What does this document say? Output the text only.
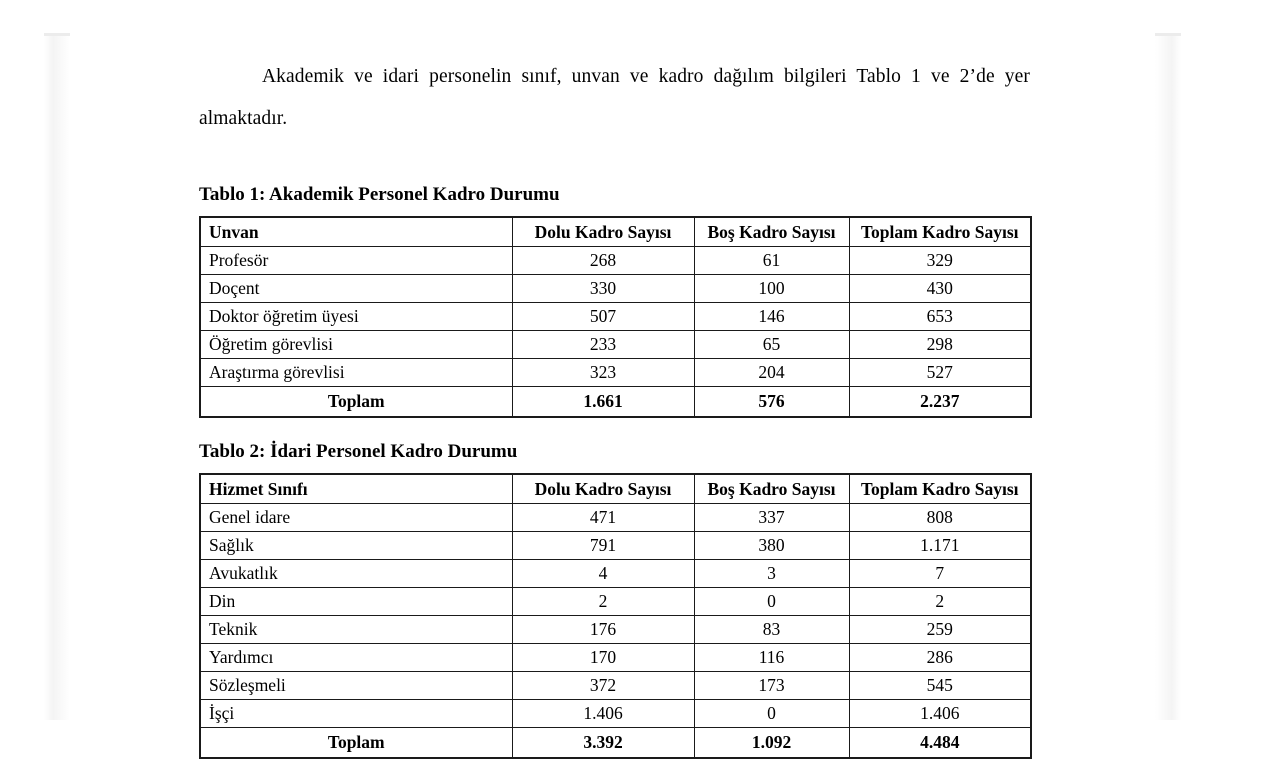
Akademik ve idari personelin sınıf, unvan ve kadro dağılım bilgileri Tablo 1 ve 2’de yer almaktadır.

Tablo 1: Akademik Personel Kadro Durumu
Unvan	Dolu Kadro Sayısı	Boş Kadro Sayısı	Toplam Kadro Sayısı
Profesör	268	61	329
Doçent	330	100	430
Doktor öğretim üyesi	507	146	653
Öğretim görevlisi	233	65	298
Araştırma görevlisi	323	204	527
Toplam	1.661	576	2.237
Tablo 2: İdari Personel Kadro Durumu
Hizmet Sınıfı	Dolu Kadro Sayısı	Boş Kadro Sayısı	Toplam Kadro Sayısı
Genel idare	471	337	808
Sağlık	791	380	1.171
Avukatlık	4	3	7
Din	2	0	2
Teknik	176	83	259
Yardımcı	170	116	286
Sözleşmeli	372	173	545
İşçi	1.406	0	1.406
Toplam	3.392	1.092	4.484
